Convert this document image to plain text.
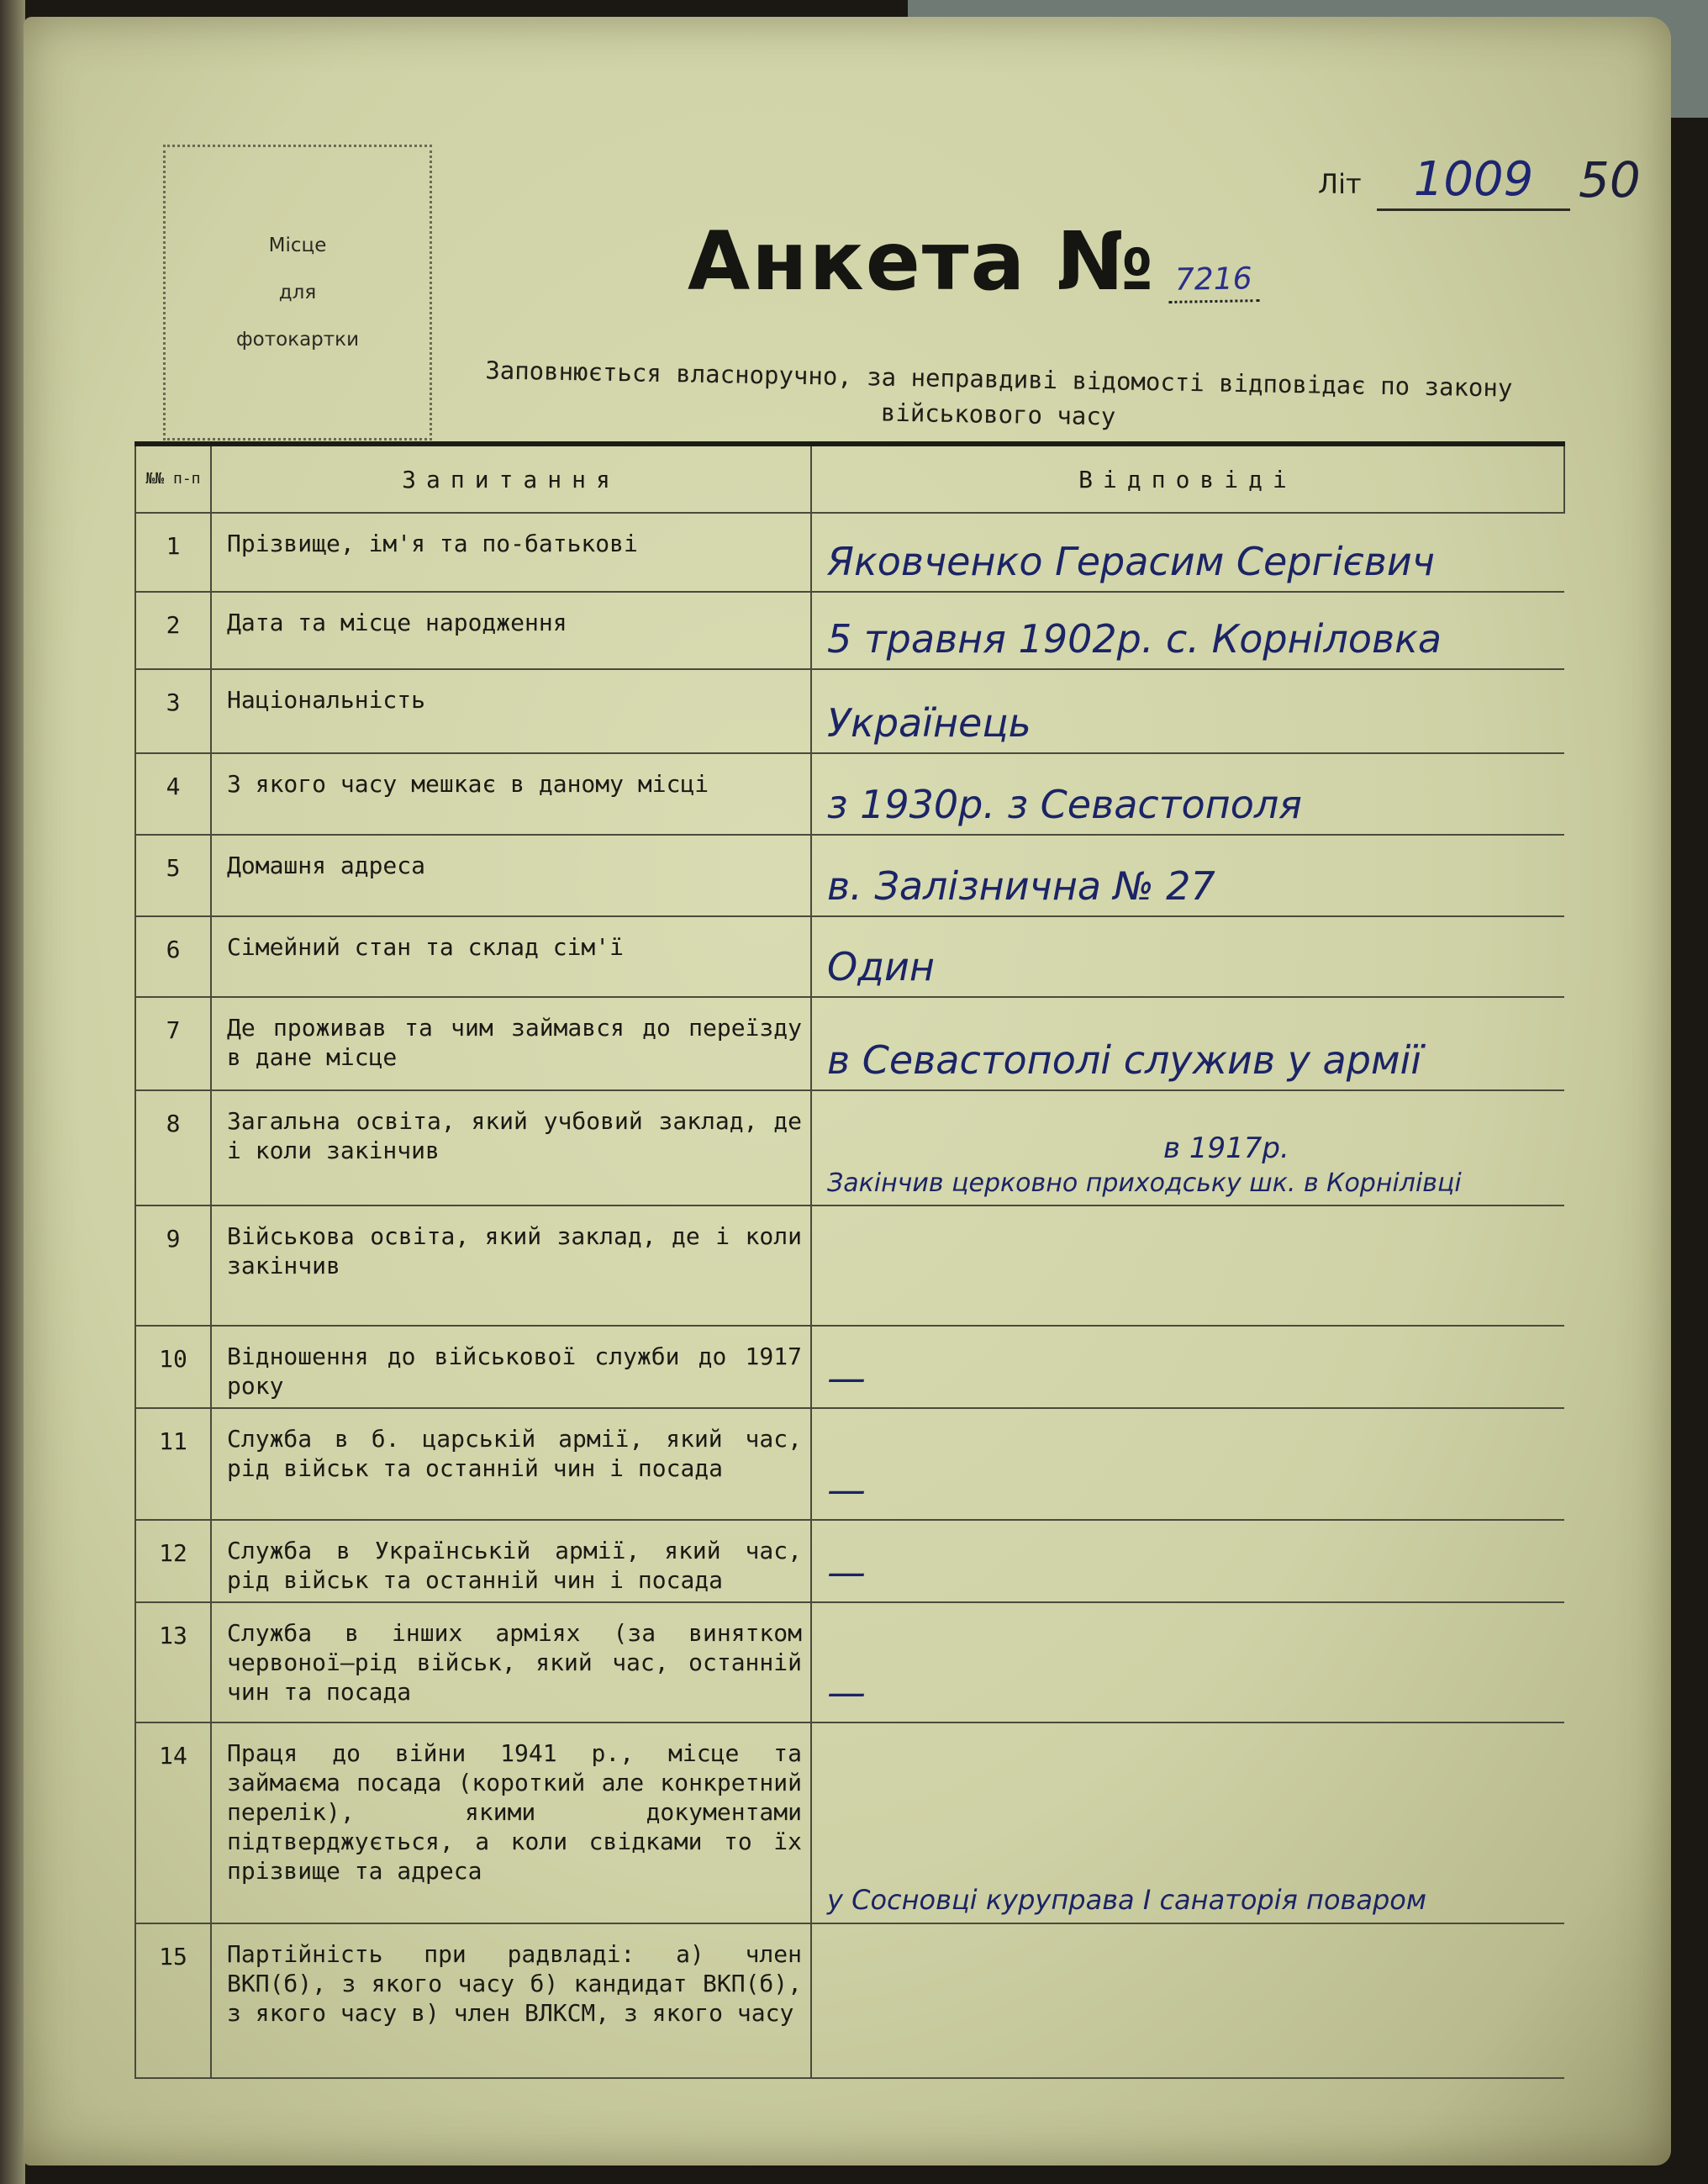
Місце
для
фотокартки
Анкета № 7216
Літ	1009 50
Заповнюється власноручно, за неправдиві відомості відповідає по закону військового часу
№№ п-п	Запитання	Відповіді
1	Прізвище, ім'я та по-батькові	Яковченко Герасим Сергієвич
2	Дата та місце народження	5 травня 1902р. с. Корнiловка
3	Національність	Украïнець
4	З якого часу мешкає в даному місці	з 1930р. з Севастополя
5	Домашня адреса	в. Залізнична № 27
6	Сімейний стан та склад сім'ї	Один
7	Де проживав та чим займався до переїзду в дане місце	в Севастополі служив у армії
8	Загальна освіта, який учбовий заклад, де і коли закінчив	в 1917р.
Закінчив церковно приходську шк. в Корнiлiвцi
9	Військова освіта, який заклад, де і коли закінчив	
10	Відношення до військової служби до 1917 року	—
11	Служба в б. царській армії, який час, рід військ та останній чин і посада	—
12	Служба в Українській армії, який час, рід військ та останній чин і посада	—
13	Служба в інших арміях (за винятком червоної—рід військ, який час, останній чин та посада	—
14	Праця до війни 1941 р., місце та займаєма посада (короткий але конкретний перелік), якими документами підтверджується, а коли свідками то їх прізвище та адреса	у Сосновці курупрaва І санаторія поваром
15	Партійність при радвладі: а) член ВКП(б), з якого часу б) кандидат ВКП(б), з якого часу в) член ВЛКСМ, з якого часу	
